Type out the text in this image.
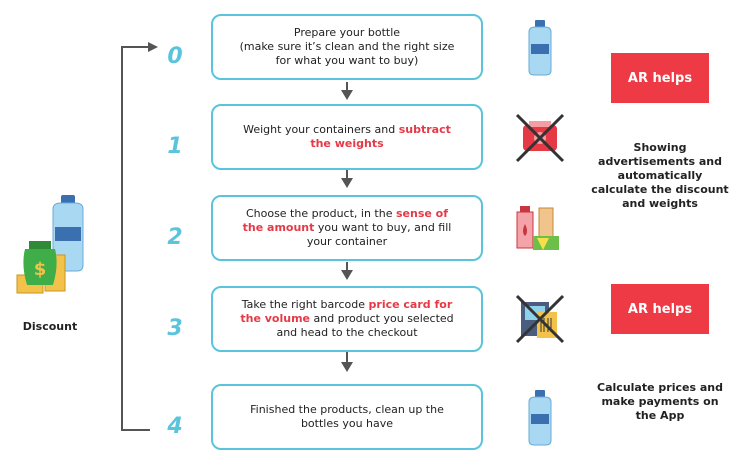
$
Discount
0
1
2
3
4
Prepare your bottle
(make sure it’s clean and the right size
for what you want to buy)
Weight your containers and subtract
the weights
Choose the product, in the sense of
the amount you want to buy, and fill
your container
Take the right barcode price card for
the volume and product you selected
and head to the checkout
Finished the products, clean up the
bottles you have
AR helps
AR helps
Showing
advertisements and
automatically
calculate the discount
and weights
Calculate prices and
make payments on
the App
